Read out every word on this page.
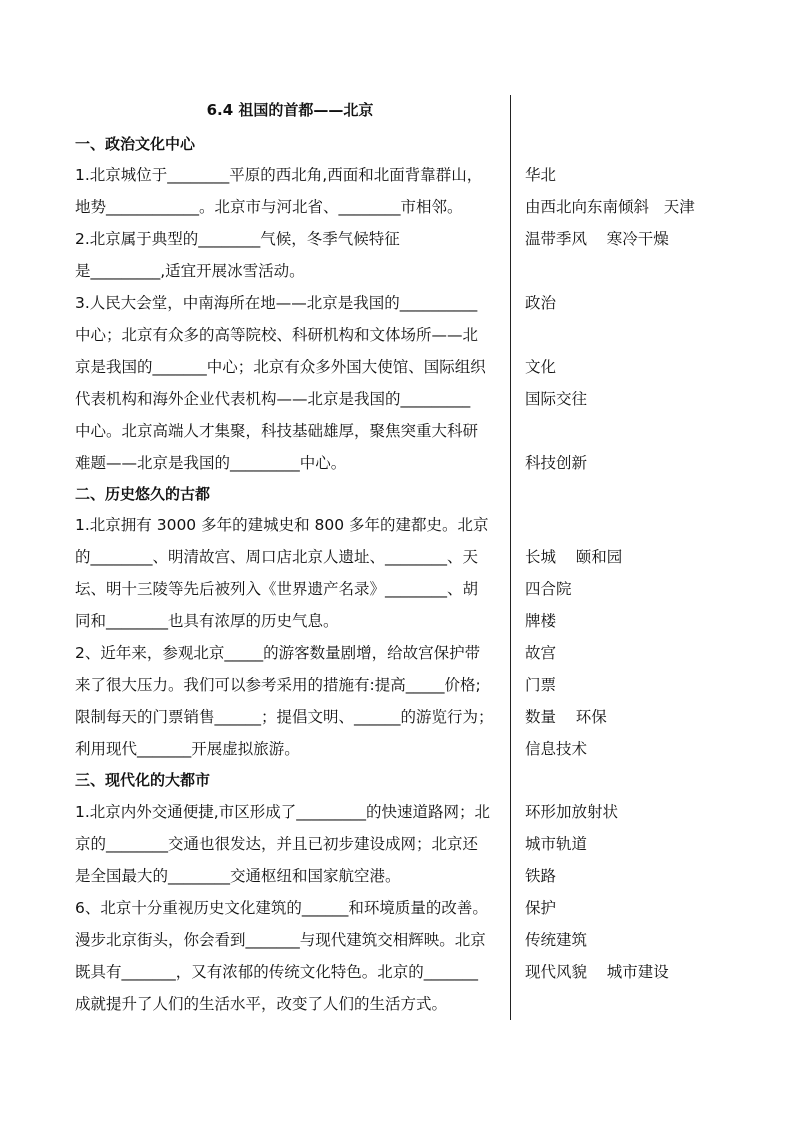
6.4 祖国的首都——北京
一、政治文化中心
1.北京城位于________平原的西北角,西面和北面背靠群山，
地势____________。北京市与河北省、________市相邻。
2.北京属于典型的________气候，冬季气候特征
是_________,适宜开展冰雪活动。
3.人民大会堂，中南海所在地——北京是我国的__________
中心；北京有众多的高等院校、科研机构和文体场所——北
京是我国的_______中心；北京有众多外国大使馆、国际组织
代表机构和海外企业代表机构——北京是我国的_________
中心。北京高端人才集聚，科技基础雄厚，聚焦突重大科研
难题——北京是我国的_________中心。
二、历史悠久的古都
1.北京拥有 3000 多年的建城史和 800 多年的建都史。北京
的________、明清故宫、周口店北京人遗址、________、天
坛、明十三陵等先后被列入《世界遗产名录》________、胡
同和________也具有浓厚的历史气息。
2、近年来，参观北京_____的游客数量剧增，给故宫保护带
来了很大压力。我们可以参考采用的措施有:提高_____价格;
限制每天的门票销售______；提倡文明、______的游览行为；
利用现代_______开展虚拟旅游。
三、现代化的大都市
1.北京内外交通便捷,市区形成了_________的快速道路网；北
京的________交通也很发达，并且已初步建设成网；北京还
是全国最大的________交通枢纽和国家航空港。
6、北京十分重视历史文化建筑的______和环境质量的改善。
漫步北京街头，你会看到_______与现代建筑交相辉映。北京
既具有_______，又有浓郁的传统文化特色。北京的_______
成就提升了人们的生活水平，改变了人们的生活方式。
华北
由西北向东南倾斜   天津
温带季风    寒冷干燥
政治
文化
国际交往
科技创新
长城    颐和园
四合院
牌楼
故宫
门票
数量    环保
信息技术
环形加放射状
城市轨道
铁路
保护
传统建筑
现代风貌    城市建设
